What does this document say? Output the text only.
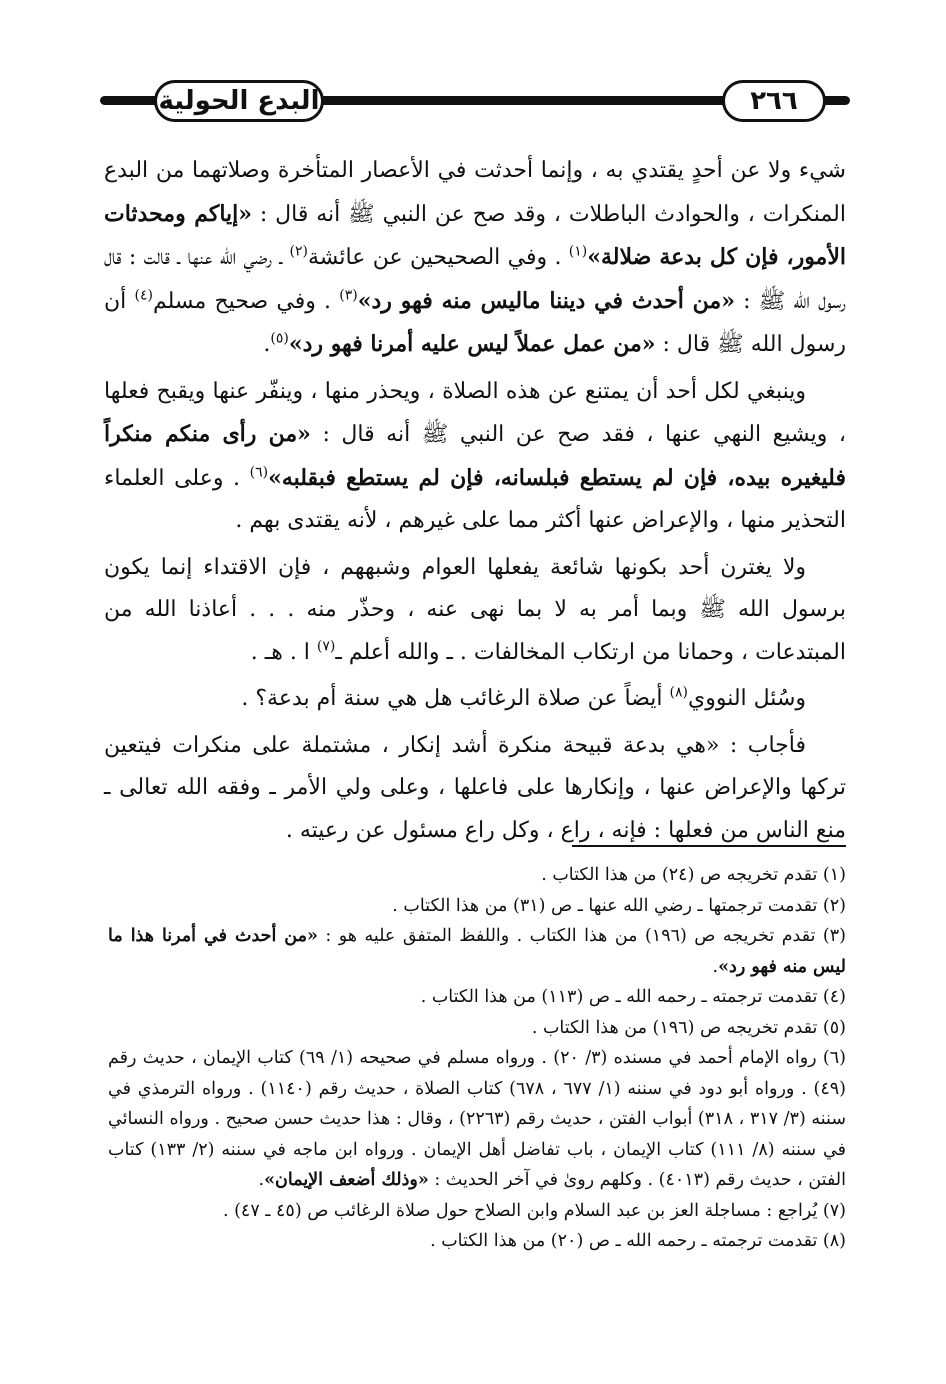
البدع الحولية	٢٦٦

شيء ولا عن أحدٍ يقتدي به ، وإنما أحدثت في الأعصار المتأخرة وصلاتهما من البدع المنكرات ، والحوادث الباطلات ، وقد صح عن النبي ﷺ أنه قال : «إياكم ومحدثات الأمور، فإن كل بدعة ضلالة»$^{(١)}$ . وفي الصحيحين عن عائشة$^{(٢)}$ ـ رضي الله عنها ـ قالت : قال رسول الله ﷺ : «من أحدث في ديننا ماليس منه فهو رد»$^{(٣)}$ . وفي صحيح مسلم$^{(٤)}$ أن رسول الله ﷺ قال : «من عمل عملاً ليس عليه أمرنا فهو رد»$^{(٥)}$.

وينبغي لكل أحد أن يمتنع عن هذه الصلاة ، ويحذر منها ، وينفّر عنها ويقبح فعلها ، ويشيع النهي عنها ، فقد صح عن النبي ﷺ أنه قال : «من رأى منكم منكراً فليغيره بيده، فإن لم يستطع فبلسانه، فإن لم يستطع فبقلبه»$^{(٦)}$ . وعلى العلماء التحذير منها ، والإعراض عنها أكثر مما على غيرهم ، لأنه يقتدى بهم .

ولا يغترن أحد بكونها شائعة يفعلها العوام وشبههم ، فإن الاقتداء إنما يكون برسول الله ﷺ وبما أمر به لا بما نهى عنه ، وحذّر منه . . . أعاذنا الله من المبتدعات ، وحمانا من ارتكاب المخالفات . ـ والله أعلم ـ$^{(٧)}$ ا . هـ .

وسُئل النووي$^{(٨)}$ أيضاً عن صلاة الرغائب هل هي سنة أم بدعة؟ .

فأجاب : «هي بدعة قبيحة منكرة أشد إنكار ، مشتملة على منكرات فيتعين تركها والإعراض عنها ، وإنكارها على فاعلها ، وعلى ولي الأمر ـ وفقه الله تعالى ـ منع الناس من فعلها : فإنه ، راع ، وكل راع مسئول عن رعيته .

(١) تقدم تخريجه ص (٢٤) من هذا الكتاب .

(٢) تقدمت ترجمتها ـ رضي الله عنها ـ ص (٣١) من هذا الكتاب .

(٣) تقدم تخريجه ص (١٩٦) من هذا الكتاب . واللفظ المتفق عليه هو : «من أحدث في أمرنا هذا ما ليس منه فهو رد».

(٤) تقدمت ترجمته ـ رحمه الله ـ ص (١١٣) من هذا الكتاب .

(٥) تقدم تخريجه ص (١٩٦) من هذا الكتاب .

(٦) رواه الإمام أحمد في مسنده (٣/ ٢٠) . ورواه مسلم في صحيحه (١/ ٦٩) كتاب الإيمان ، حديث رقم (٤٩) . ورواه أبو دود في سننه (١/ ٦٧٧ ، ٦٧٨) كتاب الصلاة ، حديث رقم (١١٤٠) . ورواه الترمذي في سننه (٣/ ٣١٧ ، ٣١٨) أبواب الفتن ، حديث رقم (٢٢٦٣) ، وقال : هذا حديث حسن صحيح . ورواه النسائي في سننه (٨/ ١١١) كتاب الإيمان ، باب تفاضل أهل الإيمان . ورواه ابن ماجه في سننه (٢/ ١٣٣) كتاب الفتن ، حديث رقم (٤٠١٣) . وكلهم روىٰ في آخر الحديث : «وذلك أضعف الإيمان».

(٧) يُراجع : مساجلة العز بن عبد السلام وابن الصلاح حول صلاة الرغائب ص (٤٥ ـ ٤٧) .

(٨) تقدمت ترجمته ـ رحمه الله ـ ص (٢٠) من هذا الكتاب .
